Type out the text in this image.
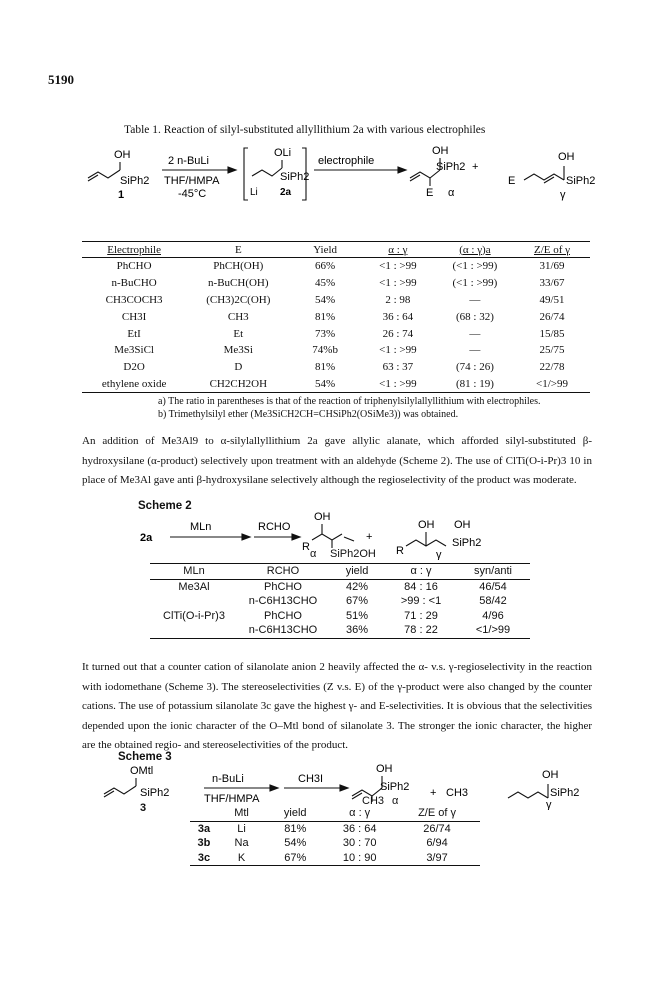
5190
Table 1. Reaction of silyl-substituted allyllithium 2a with various electrophiles
OH
SiPh2
1
2 n-BuLi
THF/HMPA
-45°C
OLi
SiPh2
Li 2a
electrophile
OH
SiPh2 +
E α
E
OH
SiPh2
γ
Electrophile	E	Yield	α : γ	(α : γ)a	Z/E of γ
PhCHO	PhCH(OH)	66%	<1 : >99	(<1 : >99)	31/69
n-BuCHO	n-BuCH(OH)	45%	<1 : >99	(<1 : >99)	33/67
CH3COCH3	(CH3)2C(OH)	54%	2 : 98	—	49/51
CH3I	CH3	81%	36 : 64	(68 : 32)	26/74
EtI	Et	73%	26 : 74	—	15/85
Me3SiCl	Me3Si	74%b	<1 : >99	—	25/75
D2O	D	81%	63 : 37	(74 : 26)	22/78
ethylene oxide	CH2CH2OH	54%	<1 : >99	(81 : 19)	<1/>99
a) The ratio in parentheses is that of the reaction of triphenylsilylallyllithium with electrophiles.
b) Trimethylsilyl ether (Me3SiCH2CH=CHSiPh2(OSiMe3)) was obtained.
An addition of Me3Al9 to α-silylallyllithium 2a gave allylic alanate, which afforded silyl-substituted β-hydroxysilane (α-product) selectively upon treatment with an aldehyde (Scheme 2). The use of ClTi(O-i-Pr)3 10 in place of Me3Al gave anti β-hydroxysilane selectively although the regioselectivity of the product was moderate.
Scheme 2
2a
MLn	RCHO
OH
R
+
OH OH
SiPh2
R	γ
α SiPh2OH
MLn	RCHO	yield	α : γ	syn/anti
Me3Al	PhCHO	42%	84 : 16	46/54
	n-C6H13CHO	67%	>99 : <1	58/42
ClTi(O-i-Pr)3	PhCHO	51%	71 : 29	4/96
	n-C6H13CHO	36%	78 : 22	<1/>99
It turned out that a counter cation of silanolate anion 2 heavily affected the α- v.s. γ-regioselectivity in the reaction with iodomethane (Scheme 3). The stereoselectivities (Z v.s. E) of the γ-product were also changed by the counter cations. The use of potassium silanolate 3c gave the highest γ- and E-selectivities. It is obvious that the selectivities depended upon the ionic character of the O–Mtl bond of silanolate 3. The stronger the ionic character, the higher are the obtained regio- and stereoselectivities of the product.
Scheme 3
OMtl
SiPh2
n-BuLi
THF/HMPA
CH3I
OH
SiPh2 + CH3
OH
SiPh2
γ
CH3 α
3
		Mtl	yield	α : γ	Z/E of γ
3a	Li	81%	36 : 64	26/74
3b	Na	54%	30 : 70	6/94
3c	K	67%	10 : 90	3/97
